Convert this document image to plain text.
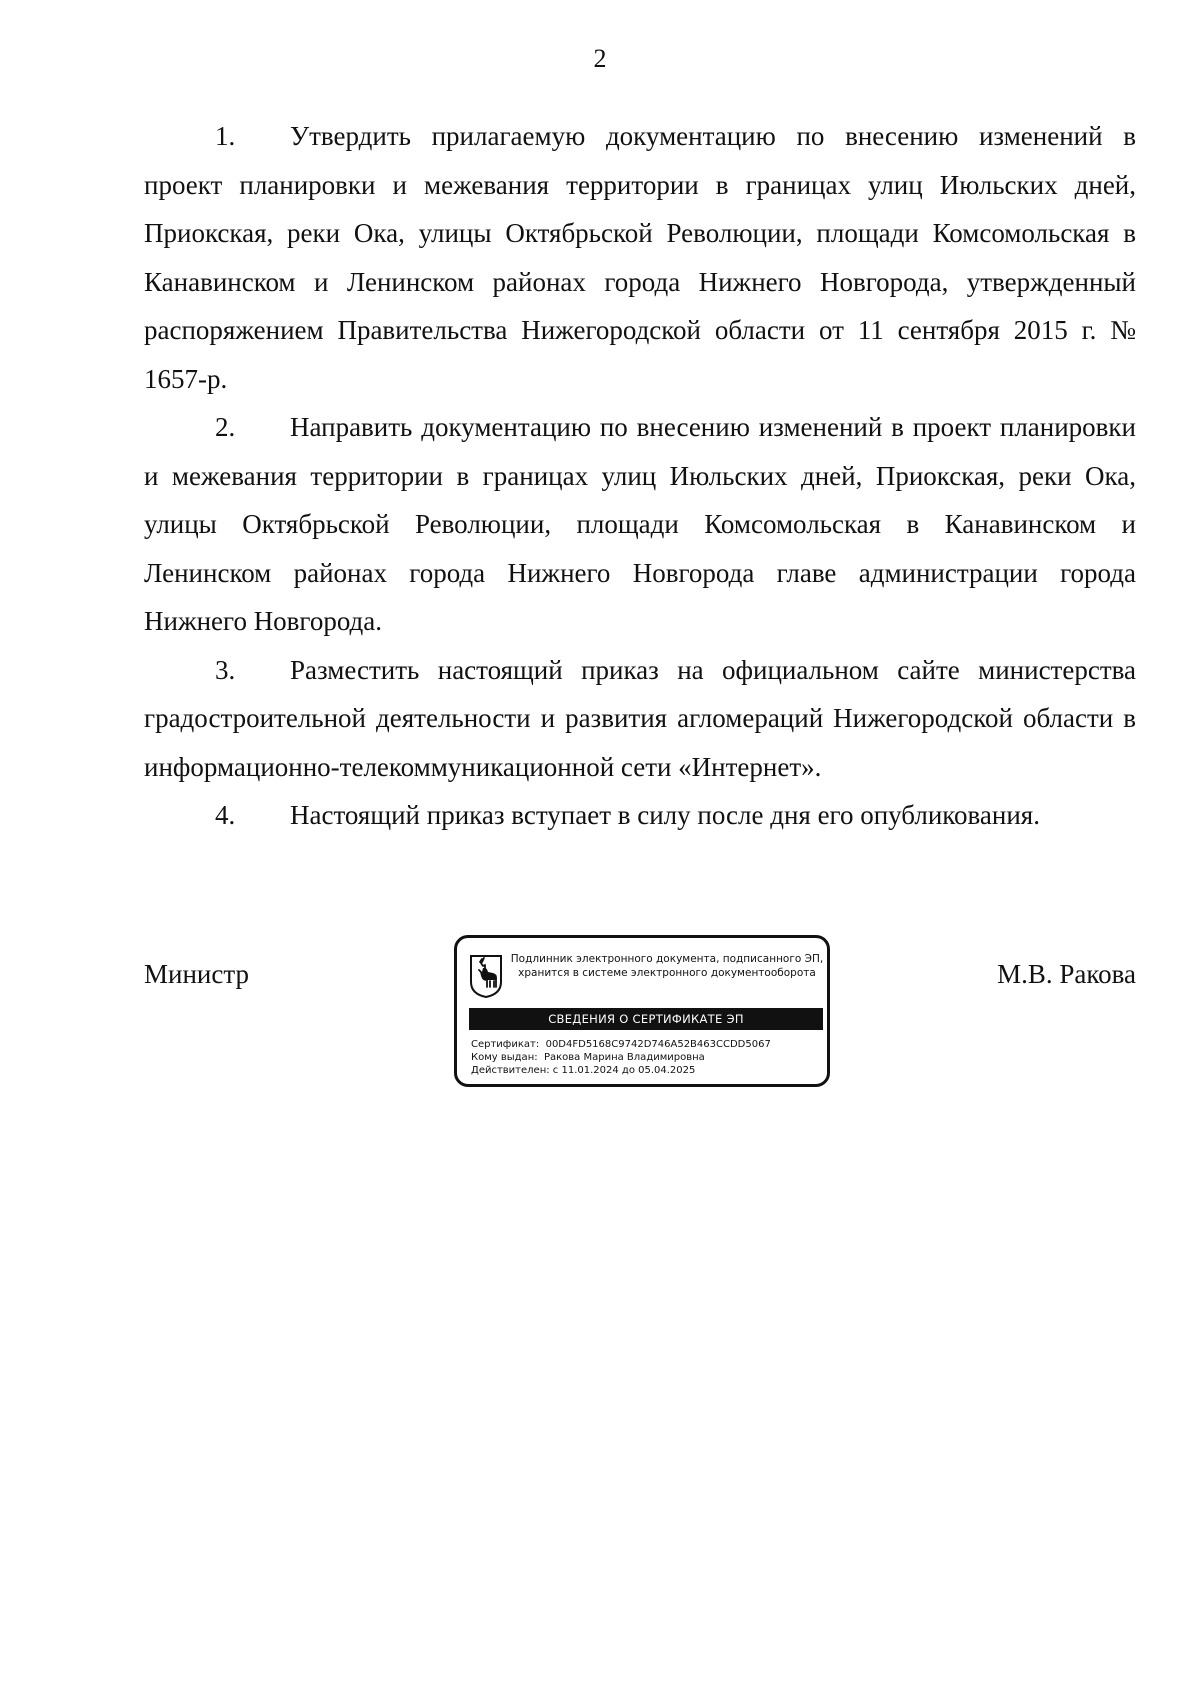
2

1. Утвердить прилагаемую документацию по внесению изменений в проект планировки и межевания территории в границах улиц Июльских дней, Приокская, реки Ока, улицы Октябрьской Революции, площади Комсомольская в Канавинском и Ленинском районах города Нижнего Новгорода, утвержденный распоряжением Правительства Нижегородской области от 11 сентября 2015 г. № 1657-р.

2. Направить документацию по внесению изменений в проект планировки и межевания территории в границах улиц Июльских дней, Приокская, реки Ока, улицы Октябрьской Революции, площади Комсомольская в Канавинском и Ленинском районах города Нижнего Новгорода главе администрации города Нижнего Новгорода.

3. Разместить настоящий приказ на официальном сайте министерства градостроительной деятельности и развития агломераций Нижегородской области в информационно-телекоммуникационной сети «Интернет».

4. Настоящий приказ вступает в силу после дня его опубликования.

Министр	Подлинник электронного документа, подписанного ЭП,
хранится в системе электронного документооборота
СВЕДЕНИЯ О СЕРТИФИКАТЕ ЭП
Сертификат: 00D4FD5168C9742D746A52B463CCDD5067
Кому выдан: Ракова Марина Владимировна
Действителен: с 11.01.2024 до 05.04.2025
М.В. Ракова
